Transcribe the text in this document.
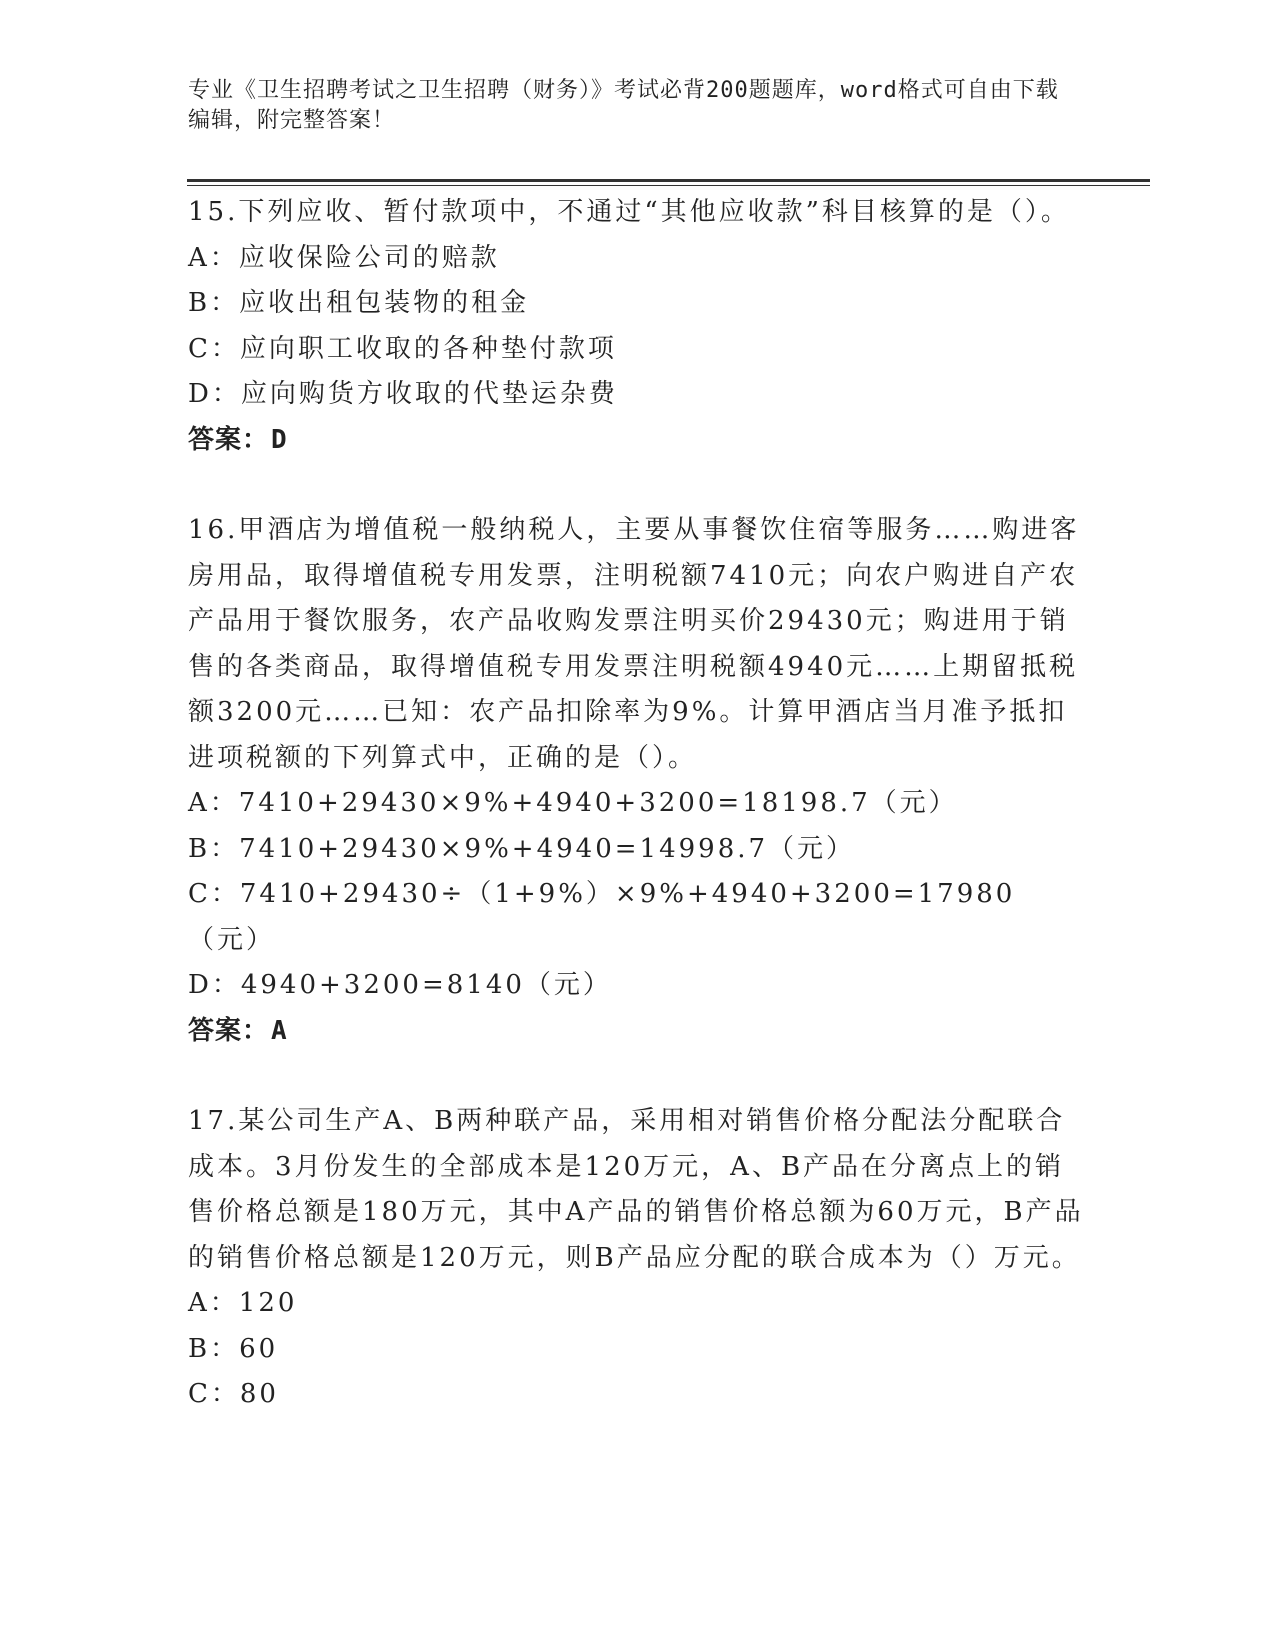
专业《卫生招聘考试之卫生招聘（财务）》考试必背200题题库，word格式可自由下载编辑，附完整答案！

15.下列应收、暂付款项中，不通过“其他应收款”科目核算的是（）。

A：应收保险公司的赔款

B：应收出租包装物的租金

C：应向职工收取的各种垫付款项

D：应向购货方收取的代垫运杂费

答案：D

16.甲酒店为增值税一般纳税人，主要从事餐饮住宿等服务……购进客房用品，取得增值税专用发票，注明税额7410元；向农户购进自产农产品用于餐饮服务，农产品收购发票注明买价29430元；购进用于销售的各类商品，取得增值税专用发票注明税额4940元……上期留抵税额3200元……已知：农产品扣除率为9%。计算甲酒店当月准予抵扣进项税额的下列算式中，正确的是（）。

A：7410+29430×9%+4940+3200=18198.7（元）

B：7410+29430×9%+4940=14998.7（元）

C：7410+29430÷（1+9%）×9%+4940+3200=17980（元）

D：4940+3200=8140（元）

答案：A

17.某公司生产A、B两种联产品，采用相对销售价格分配法分配联合成本。3月份发生的全部成本是120万元，A、B产品在分离点上的销售价格总额是180万元，其中A产品的销售价格总额为60万元，B产品的销售价格总额是120万元，则B产品应分配的联合成本为（）万元。

A：120

B：60

C：80
